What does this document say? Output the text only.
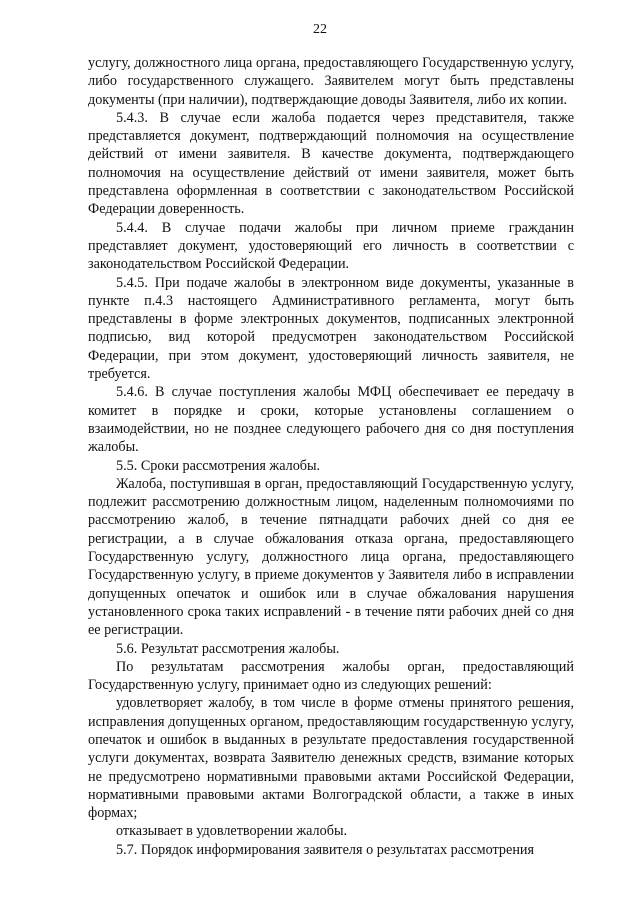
22

услугу, должностного лица органа, предоставляющего Государственную услугу, либо государственного служащего. Заявителем могут быть представлены документы (при наличии), подтверждающие доводы Заявителя, либо их копии.

5.4.3. В случае если жалоба подается через представителя, также представляется документ, подтверждающий полномочия на осуществление действий от имени заявителя. В качестве документа, подтверждающего полномочия на осуществление действий от имени заявителя, может быть представлена оформленная в соответствии с законодательством Российской Федерации доверенность.

5.4.4. В случае подачи жалобы при личном приеме гражданин представляет документ, удостоверяющий его личность в соответствии с законодательством Российской Федерации.

5.4.5. При подаче жалобы в электронном виде документы, указанные в пункте п.4.3 настоящего Административного регламента, могут быть представлены в форме электронных документов, подписанных электронной подписью, вид которой предусмотрен законодательством Российской Федерации, при этом документ, удостоверяющий личность заявителя, не требуется.

5.4.6. В случае поступления жалобы МФЦ обеспечивает ее передачу в комитет в порядке и сроки, которые установлены соглашением о взаимодействии, но не позднее следующего рабочего дня со дня поступления жалобы.

5.5. Сроки рассмотрения жалобы.

Жалоба, поступившая в орган, предоставляющий Государственную услугу, подлежит рассмотрению должностным лицом, наделенным полномочиями по рассмотрению жалоб, в течение пятнадцати рабочих дней со дня ее регистрации, а в случае обжалования отказа органа, предоставляющего Государственную услугу, должностного лица органа, предоставляющего Государственную услугу, в приеме документов у Заявителя либо в исправлении допущенных опечаток и ошибок или в случае обжалования нарушения установленного срока таких исправлений - в течение пяти рабочих дней со дня ее регистрации.

5.6. Результат рассмотрения жалобы.

По результатам рассмотрения жалобы орган, предоставляющий Государственную услугу, принимает одно из следующих решений:

удовлетворяет жалобу, в том числе в форме отмены принятого решения, исправления допущенных органом, предоставляющим государственную услугу, опечаток и ошибок в выданных в результате предоставления государственной услуги документах, возврата Заявителю денежных средств, взимание которых не предусмотрено нормативными правовыми актами Российской Федерации, нормативными правовыми актами Волгоградской области, а также в иных формах;

отказывает в удовлетворении жалобы.

5.7. Порядок информирования заявителя о результатах рассмотрения
